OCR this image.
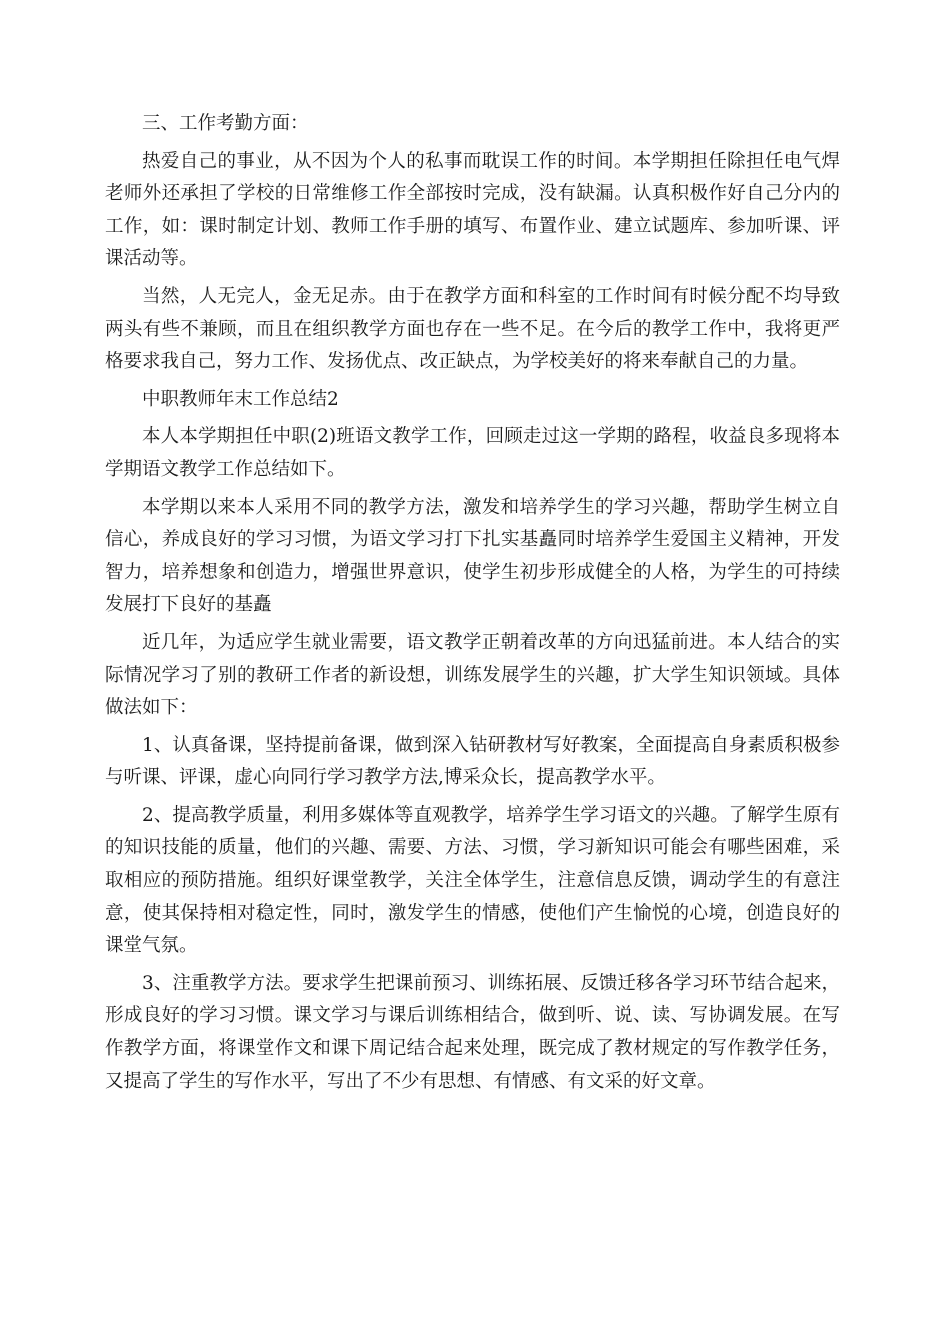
三、工作考勤方面：

热爱自己的事业，从不因为个人的私事而耽误工作的时间。本学期担任除担任电气焊老师外还承担了学校的日常维修工作全部按时完成，没有缺漏。认真积极作好自己分内的工作，如：课时制定计划、教师工作手册的填写、布置作业、建立试题库、参加听课、评课活动等。

当然，人无完人，金无足赤。由于在教学方面和科室的工作时间有时候分配不均导致两头有些不兼顾，而且在组织教学方面也存在一些不足。在今后的教学工作中，我将更严格要求我自己，努力工作、发扬优点、改正缺点，为学校美好的将来奉献自己的力量。

中职教师年末工作总结2

本人本学期担任中职(2)班语文教学工作，回顾走过这一学期的路程，收益良多现将本学期语文教学工作总结如下。

本学期以来本人采用不同的教学方法，激发和培养学生的学习兴趣，帮助学生树立自信心，养成良好的学习习惯，为语文学习打下扎实基矗同时培养学生爱国主义精神，开发智力，培养想象和创造力，增强世界意识，使学生初步形成健全的人格，为学生的可持续发展打下良好的基矗

近几年，为适应学生就业需要，语文教学正朝着改革的方向迅猛前进。本人结合的实际情况学习了别的教研工作者的新设想，训练发展学生的兴趣，扩大学生知识领域。具体做法如下：

1、认真备课，坚持提前备课，做到深入钻研教材写好教案，全面提高自身素质积极参与听课、评课，虚心向同行学习教学方法,博采众长，提高教学水平。

2、提高教学质量，利用多媒体等直观教学，培养学生学习语文的兴趣。了解学生原有的知识技能的质量，他们的兴趣、需要、方法、习惯，学习新知识可能会有哪些困难，采取相应的预防措施。组织好课堂教学，关注全体学生，注意信息反馈，调动学生的有意注意，使其保持相对稳定性，同时，激发学生的情感，使他们产生愉悦的心境，创造良好的课堂气氛。

3、注重教学方法。要求学生把课前预习、训练拓展、反馈迁移各学习环节结合起来，形成良好的学习习惯。课文学习与课后训练相结合，做到听、说、读、写协调发展。在写作教学方面，将课堂作文和课下周记结合起来处理，既完成了教材规定的写作教学任务，又提高了学生的写作水平，写出了不少有思想、有情感、有文采的好文章。
